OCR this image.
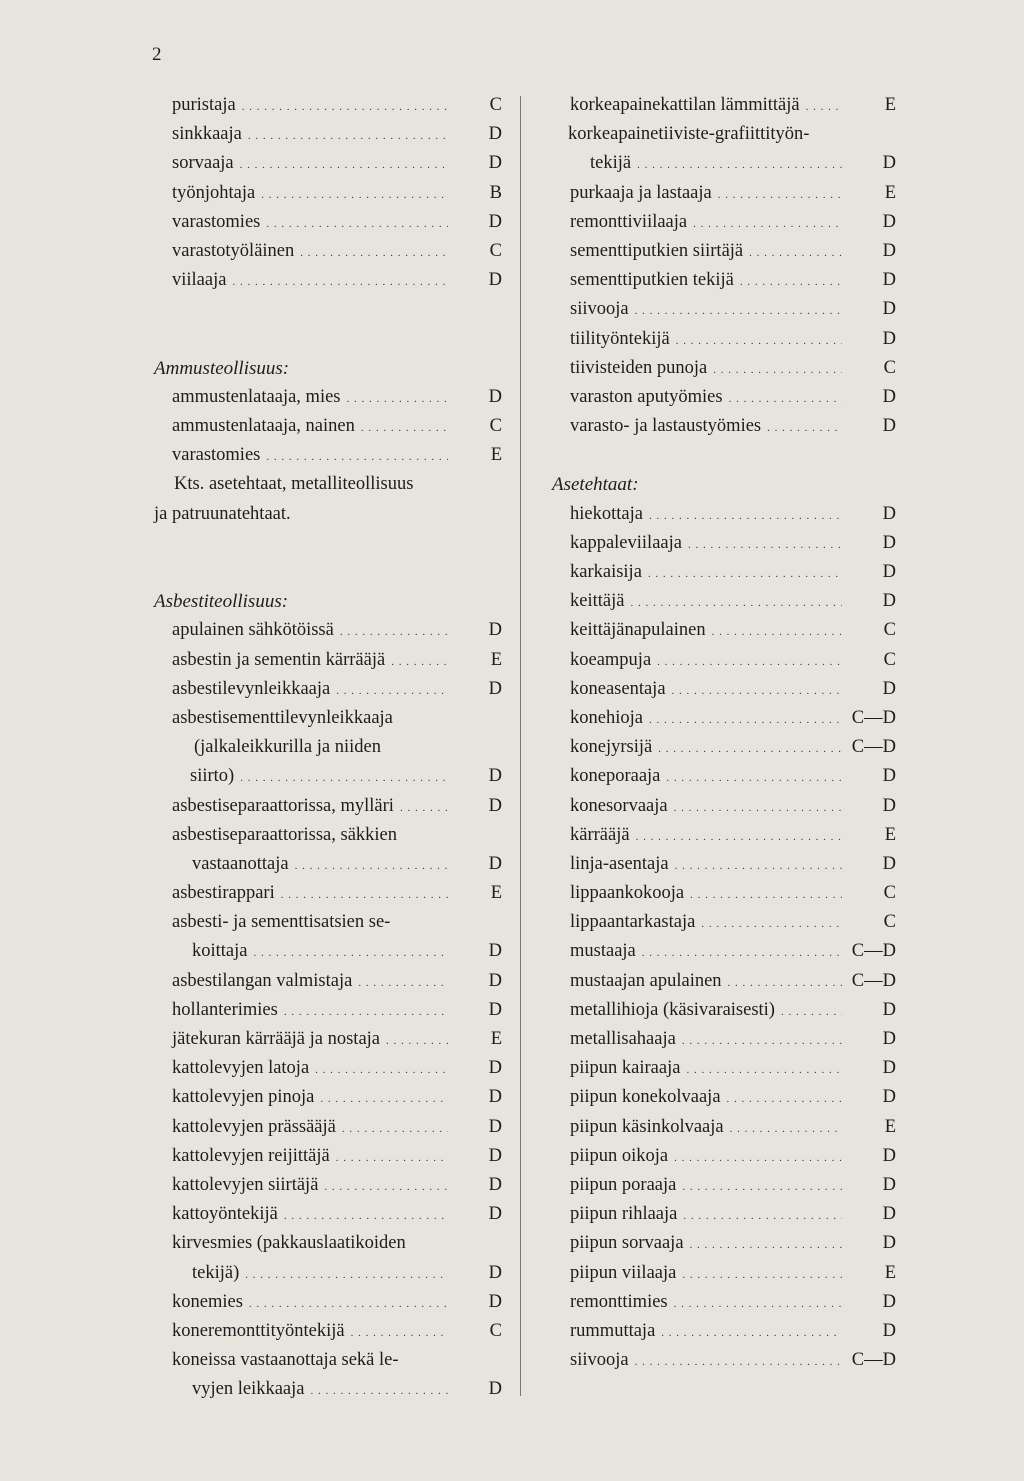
2
puristaja . . .	C
sinkkaaja . . .	D
sorvaaja . . .	D
työnjohtaja . . .	B
varastomies . . .	D
varastotyöläinen . . .	C
viilaaja . . .	D
Ammusteollisuus:
ammustenlataaja, mies . . .	D
ammustenlataaja, nainen . . .	C
varastomies . . .	E
Kts. asetehtaat, metalliteollisuus
ja patruunatehtaat.
Asbestiteollisuus:
apulainen sähkötöissä . . .	D
asbestin ja sementin kärrääjä . . .	E
asbestilevynleikkaaja . . .	D
asbestisementtilevynleikkaaja
(jalkaleikkurilla ja niiden
siirto) . . .	D
asbestiseparaattorissa, mylläri . . .	D
asbestiseparaattorissa, säkkien
vastaanottaja . . .	D
asbestirappari . . .	E
asbesti- ja sementtisatsien se-
koittaja . . .	D
asbestilangan valmistaja . . .	D
hollanterimies . . .	D
jätekuran kärrääjä ja nostaja . . .	E
kattolevyjen latoja . . .	D
kattolevyjen pinoja . . .	D
kattolevyjen prässääjä . . .	D
kattolevyjen reijittäjä . . .	D
kattolevyjen siirtäjä . . .	D
kattoyöntekijä . . .	D
kirvesmies (pakkauslaatikoiden
tekijä) . . .	D
konemies . . .	D
koneremonttityöntekijä . . .	C
koneissa vastaanottaja sekä le-
vyjen leikkaaja . . .	D
korkeapainekattilan lämmittäjä . . .	E
korkeapainetiiviste-grafiittityön-
tekijä . . .	D
purkaaja ja lastaaja . . .	E
remonttiviilaaja . . .	D
sementtiputkien siirtäjä . . .	D
sementtiputkien tekijä . . .	D
siivooja . . .	D
tiilityöntekijä . . .	D
tiivisteiden punoja . . .	C
varaston aputyömies . . .	D
varasto- ja lastaustyömies . . .	D
Asetehtaat:
hiekottaja . . .	D
kappaleviilaaja . . .	D
karkaisija . . .	D
keittäjä . . .	D
keittäjänapulainen . . .	C
koeampuja . . .	C
koneasentaja . . .	D
konehioja . . .	C—D
konejyrsijä . . .	C—D
koneporaaja . . .	D
konesorvaaja . . .	D
kärrääjä . . .	E
linja-asentaja . . .	D
lippaankokooja . . .	C
lippaantarkastaja . . .	C
mustaaja . . .	C—D
mustaajan apulainen . . .	C—D
metallihioja (käsivaraisesti) . . .	D
metallisahaaja . . .	D
piipun kairaaja . . .	D
piipun konekolvaaja . . .	D
piipun käsinkolvaaja . . .	E
piipun oikoja . . .	D
piipun poraaja . . .	D
piipun rihlaaja . . .	D
piipun sorvaaja . . .	D
piipun viilaaja . . .	E
remonttimies . . .	D
rummuttaja . . .	D
siivooja . . .	C—D
